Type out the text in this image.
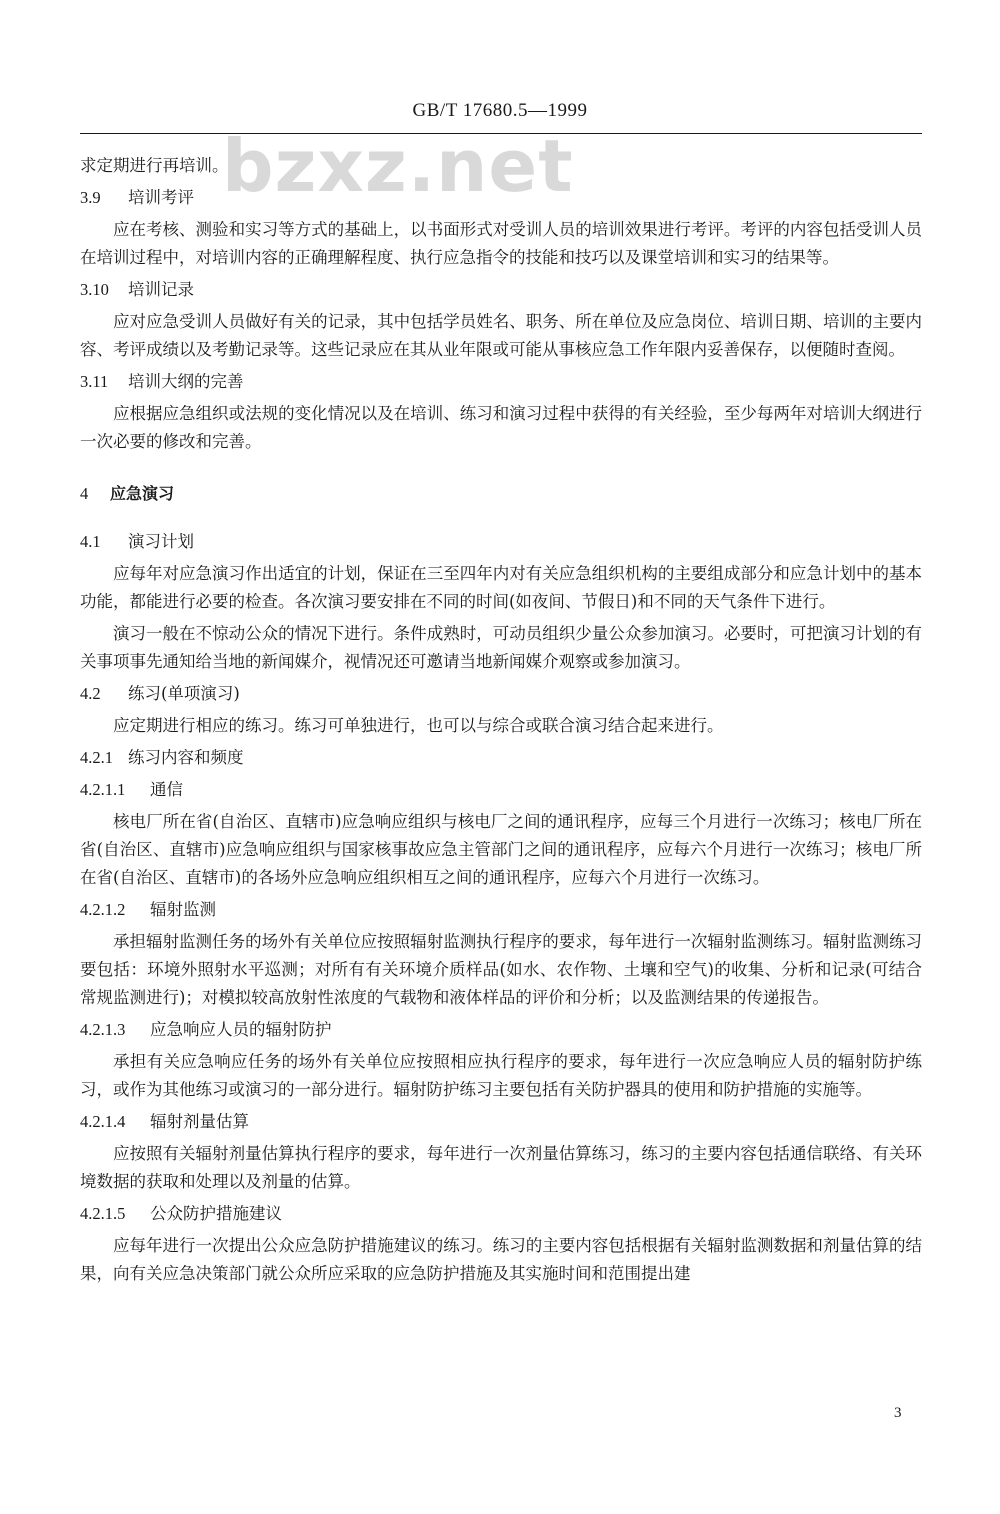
GB/T 17680.5—1999
bzxz.net

求定期进行再培训。

3.9 培训考评

应在考核、测验和实习等方式的基础上，以书面形式对受训人员的培训效果进行考评。考评的内容包括受训人员在培训过程中，对培训内容的正确理解程度、执行应急指令的技能和技巧以及课堂培训和实习的结果等。

3.10 培训记录

应对应急受训人员做好有关的记录，其中包括学员姓名、职务、所在单位及应急岗位、培训日期、培训的主要内容、考评成绩以及考勤记录等。这些记录应在其从业年限或可能从事核应急工作年限内妥善保存，以便随时查阅。

3.11 培训大纲的完善

应根据应急组织或法规的变化情况以及在培训、练习和演习过程中获得的有关经验，至少每两年对培训大纲进行一次必要的修改和完善。

4 应急演习
4.1 演习计划

应每年对应急演习作出适宜的计划，保证在三至四年内对有关应急组织机构的主要组成部分和应急计划中的基本功能，都能进行必要的检查。各次演习要安排在不同的时间(如夜间、节假日)和不同的天气条件下进行。

演习一般在不惊动公众的情况下进行。条件成熟时，可动员组织少量公众参加演习。必要时，可把演习计划的有关事项事先通知给当地的新闻媒介，视情况还可邀请当地新闻媒介观察或参加演习。

4.2 练习(单项演习)

应定期进行相应的练习。练习可单独进行，也可以与综合或联合演习结合起来进行。

4.2.1 练习内容和频度
4.2.1.1 通信

核电厂所在省(自治区、直辖市)应急响应组织与核电厂之间的通讯程序，应每三个月进行一次练习；核电厂所在省(自治区、直辖市)应急响应组织与国家核事故应急主管部门之间的通讯程序，应每六个月进行一次练习；核电厂所在省(自治区、直辖市)的各场外应急响应组织相互之间的通讯程序，应每六个月进行一次练习。

4.2.1.2 辐射监测

承担辐射监测任务的场外有关单位应按照辐射监测执行程序的要求，每年进行一次辐射监测练习。辐射监测练习要包括：环境外照射水平巡测；对所有有关环境介质样品(如水、农作物、土壤和空气)的收集、分析和记录(可结合常规监测进行)；对模拟较高放射性浓度的气载物和液体样品的评价和分析；以及监测结果的传递报告。

4.2.1.3 应急响应人员的辐射防护

承担有关应急响应任务的场外有关单位应按照相应执行程序的要求，每年进行一次应急响应人员的辐射防护练习，或作为其他练习或演习的一部分进行。辐射防护练习主要包括有关防护器具的使用和防护措施的实施等。

4.2.1.4 辐射剂量估算

应按照有关辐射剂量估算执行程序的要求，每年进行一次剂量估算练习，练习的主要内容包括通信联络、有关环境数据的获取和处理以及剂量的估算。

4.2.1.5 公众防护措施建议

应每年进行一次提出公众应急防护措施建议的练习。练习的主要内容包括根据有关辐射监测数据和剂量估算的结果，向有关应急决策部门就公众所应采取的应急防护措施及其实施时间和范围提出建

3
